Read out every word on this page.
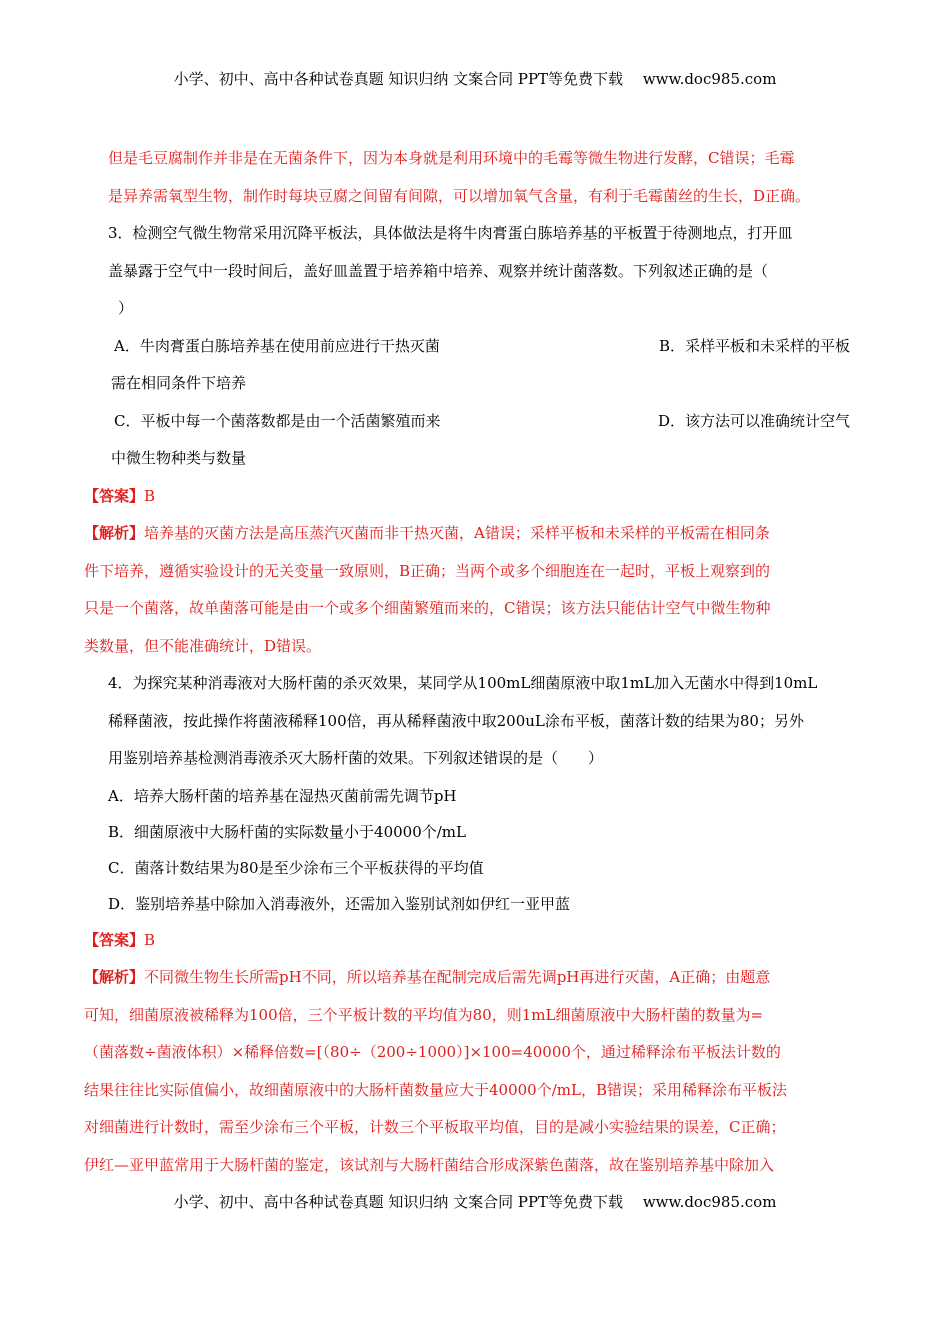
小学、初中、高中各种试卷真题 知识归纳 文案合同 PPT等免费下载　 www.doc985.com
但是毛豆腐制作并非是在无菌条件下，因为本身就是利用环境中的毛霉等微生物进行发酵，C错误；毛霉
是异养需氧型生物，制作时每块豆腐之间留有间隙，可以增加氧气含量，有利于毛霉菌丝的生长，D正确。
3．检测空气微生物常采用沉降平板法，具体做法是将牛肉膏蛋白胨培养基的平板置于待测地点，打开皿
盖暴露于空气中一段时间后，盖好皿盖置于培养箱中培养、观察并统计菌落数。下列叙述正确的是（
）
A．牛肉膏蛋白胨培养基在使用前应进行干热灭菌	B．采样平板和未采样的平板
需在相同条件下培养
C．平板中每一个菌落数都是由一个活菌繁殖而来	D．该方法可以准确统计空气
中微生物种类与数量
【答案】B
【解析】培养基的灭菌方法是高压蒸汽灭菌而非干热灭菌，A错误；采样平板和未采样的平板需在相同条
件下培养，遵循实验设计的无关变量一致原则，B正确；当两个或多个细胞连在一起时，平板上观察到的
只是一个菌落，故单菌落可能是由一个或多个细菌繁殖而来的，C错误；该方法只能估计空气中微生物种
类数量，但不能准确统计，D错误。
4．为探究某种消毒液对大肠杆菌的杀灭效果，某同学从100mL细菌原液中取1mL加入无菌水中得到10mL
稀释菌液，按此操作将菌液稀释100倍，再从稀释菌液中取200uL涂布平板，菌落计数的结果为80；另外
用鉴别培养基检测消毒液杀灭大肠杆菌的效果。下列叙述错误的是（　　）
A．培养大肠杆菌的培养基在湿热灭菌前需先调节pH
B．细菌原液中大肠杆菌的实际数量小于40000个/mL
C．菌落计数结果为80是至少涂布三个平板获得的平均值
D．鉴别培养基中除加入消毒液外，还需加入鉴别试剂如伊红一亚甲蓝
【答案】B
【解析】不同微生物生长所需pH不同，所以培养基在配制完成后需先调pH再进行灭菌，A正确；由题意
可知，细菌原液被稀释为100倍，三个平板计数的平均值为80，则1mL细菌原液中大肠杆菌的数量为=
（菌落数÷菌液体积）×稀释倍数=[（80÷（200÷1000）]×100=40000个，通过稀释涂布平板法计数的
结果往往比实际值偏小，故细菌原液中的大肠杆菌数量应大于40000个/mL，B错误；采用稀释涂布平板法
对细菌进行计数时，需至少涂布三个平板，计数三个平板取平均值，目的是减小实验结果的误差，C正确；
伊红—亚甲蓝常用于大肠杆菌的鉴定，该试剂与大肠杆菌结合形成深紫色菌落，故在鉴别培养基中除加入
小学、初中、高中各种试卷真题 知识归纳 文案合同 PPT等免费下载　 www.doc985.com
